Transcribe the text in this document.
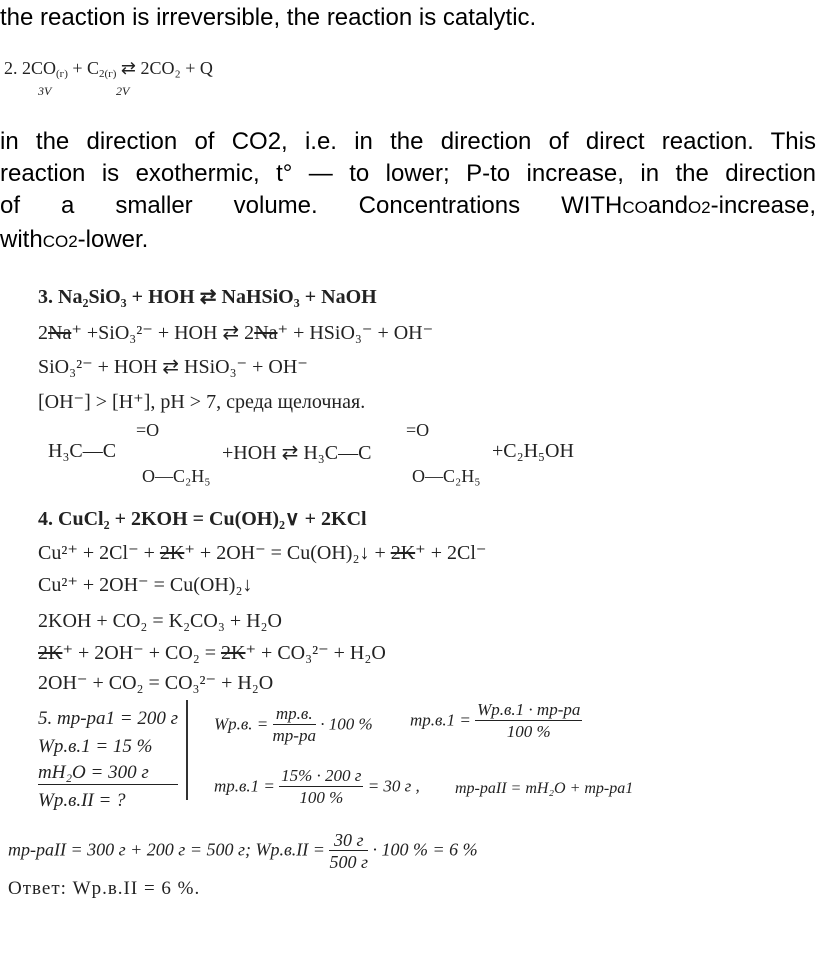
the reaction is irreversible, the reaction is catalytic.
2. $2CO_{(г)} + C_{2(г)}$ ⇄ 2CO₂ + Q
3V	2V
in the direction of CO2, i.e. in the direction of direct reaction. This
reaction is exothermic, t° — to lower; P-to increase, in the direction
of a smaller volume. Concentrations WITHCOandO2-increase,
withCO2-lower.
3. Na₂SiO₃ + HOH ⇄ NaHSiO₃ + NaOH
2Na⁺ +SiO₃²⁻ + HOH ⇄ 2Na⁺ + HSiO₃⁻ + OH⁻
SiO₃²⁻ + HOH ⇄ HSiO₃⁻ + OH⁻
[OH⁻] > [H⁺], pH > 7, среда щелочная.
H₃C—C
=O
O—C₂H₅
+HOH ⇄ H₃C—C
=O
O—C₂H₅
+C₂H₅OH
4. CuCl₂ + 2KOH = Cu(OH)₂∨ + 2KCl
Cu²⁺ + 2Cl⁻ + 2K⁺ + 2OH⁻ = Cu(OH)₂↓ + 2K⁺ + 2Cl⁻
Cu²⁺ + 2OH⁻ = Cu(OH)₂↓
2KOH + CO₂ = K₂CO₃ + H₂O
2K⁺ + 2OH⁻ + CO₂ = 2K⁺ + CO₃²⁻ + H₂O
2OH⁻ + CO₂ = CO₃²⁻ + H₂O
5. mр-рa1 = 200 г
Wр.в.1 = 15 %
mH₂O = 300 г
Wр.в.II = ?
Wр.в. = $\frac{mр.в.}{mр-ра} \cdot 100$ % $mр.в.1 = \frac{Wр.в.1 \cdot mр-ра}{100 \%}$
$mр.в.1 = \frac{15\% \cdot 200 г}{100 \%} = 30$ г , mр-рaII = mH₂O + mр-рa1
mр-рaII = 300 г + 200 г = 500 г; $Wр.в.II = \frac{30 г}{500 г} \cdot 100$ % = 6 %
Ответ: Wр.в.II = 6 %.
